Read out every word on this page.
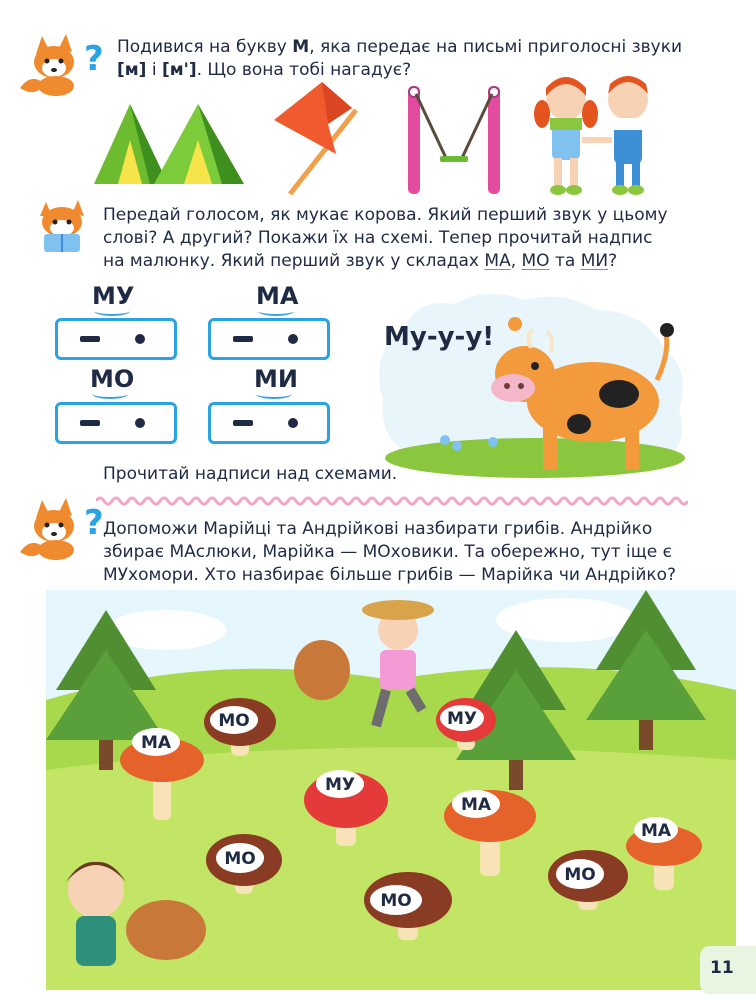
? Подивися на букву М, яка передає на письмі приголосні звуки
[м] і [м']. Що вона тобі нагадує?
Передай голосом, як мукає корова. Який перший звук у цьому
слові? А другий? Покажи їх на схемі. Тепер прочитай надпис
на малюнку. Який перший звук у складах МА, МО та МИ?
МУ	МА
МО	МИ
Му-у-у!
Прочитай надписи над схемами.
? Допоможи Марійці та Андрійкові назбирати грибів. Андрійко
збирає МАслюки, Марійка — МОховики. Та обережно, тут іще є
МУхомори. Хто назбирає більше грибів — Марійка чи Андрійко?
МО
МА
МУ
МУ
МА
МО
МО
МО
МА
11
